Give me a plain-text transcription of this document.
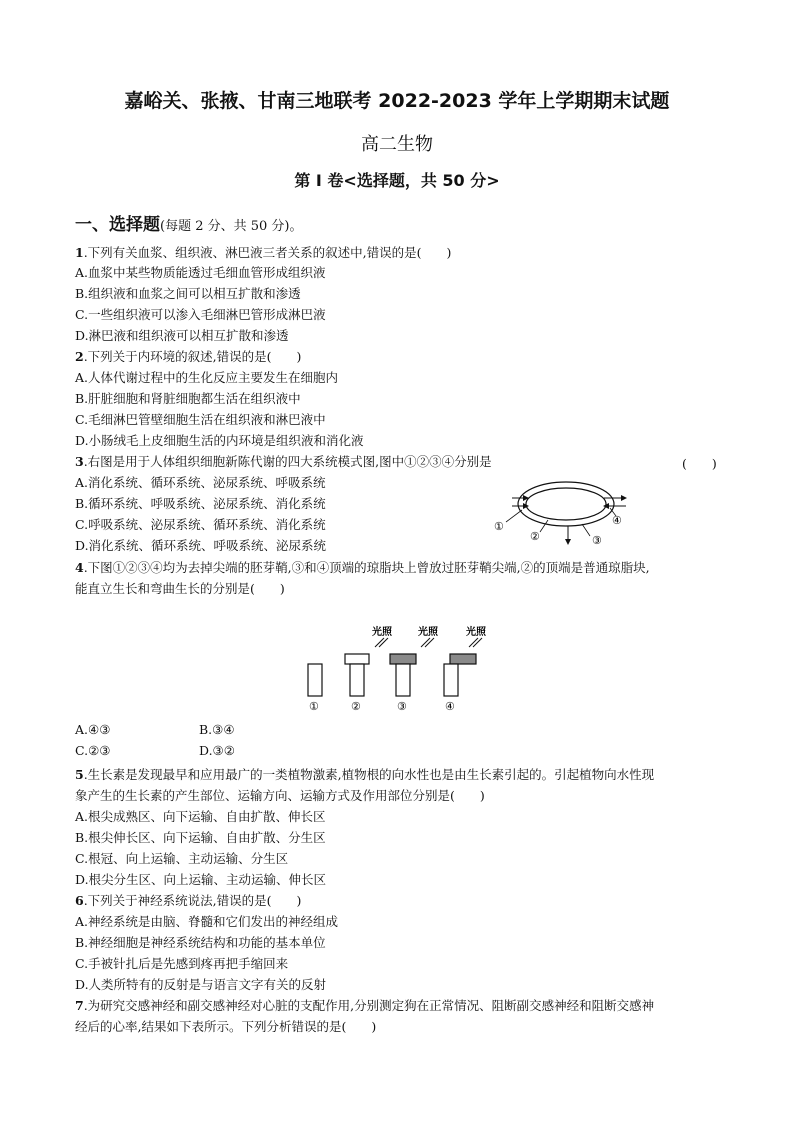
嘉峪关、张掖、甘南三地联考 2022-2023 学年上学期期末试题
高二生物
第 I 卷<选择题，共 50 分>
一、选择题(每题 2 分、共 50 分)。
1.下列有关血浆、组织液、淋巴液三者关系的叙述中,错误的是(　　)
A.血浆中某些物质能透过毛细血管形成组织液
B.组织液和血浆之间可以相互扩散和渗透
C.一些组织液可以渗入毛细淋巴管形成淋巴液
D.淋巴液和组织液可以相互扩散和渗透
2.下列关于内环境的叙述,错误的是(　　)
A.人体代谢过程中的生化反应主要发生在细胞内
B.肝脏细胞和肾脏细胞都生活在组织液中
C.毛细淋巴管壁细胞生活在组织液和淋巴液中
D.小肠绒毛上皮细胞生活的内环境是组织液和消化液
3.右图是用于人体组织细胞新陈代谢的四大系统模式图,图中①②③④分别是	(　　)
A.消化系统、循环系统、泌尿系统、呼吸系统
B.循环系统、呼吸系统、泌尿系统、消化系统
C.呼吸系统、泌尿系统、循环系统、消化系统
D.消化系统、循环系统、呼吸系统、泌尿系统
①
②	③
④
4.下图①②③④均为去掉尖端的胚芽鞘,③和④顶端的琼脂块上曾放过胚芽鞘尖端,②的顶端是普通琼脂块,
能直立生长和弯曲生长的分别是(　　)
光照	光照	光照
①	②	③	④
A.④③	B.③④
C.②③	D.③②
5.生长素是发现最早和应用最广的一类植物激素,植物根的向水性也是由生长素引起的。引起植物向水性现
象产生的生长素的产生部位、运输方向、运输方式及作用部位分别是(　　)
A.根尖成熟区、向下运输、自由扩散、伸长区
B.根尖伸长区、向下运输、自由扩散、分生区
C.根冠、向上运输、主动运输、分生区
D.根尖分生区、向上运输、主动运输、伸长区
6.下列关于神经系统说法,错误的是(　　)
A.神经系统是由脑、脊髓和它们发出的神经组成
B.神经细胞是神经系统结构和功能的基本单位
C.手被针扎后是先感到疼再把手缩回来
D.人类所特有的反射是与语言文字有关的反射
7.为研究交感神经和副交感神经对心脏的支配作用,分别测定狗在正常情况、阻断副交感神经和阻断交感神
经后的心率,结果如下表所示。下列分析错误的是(　　)
